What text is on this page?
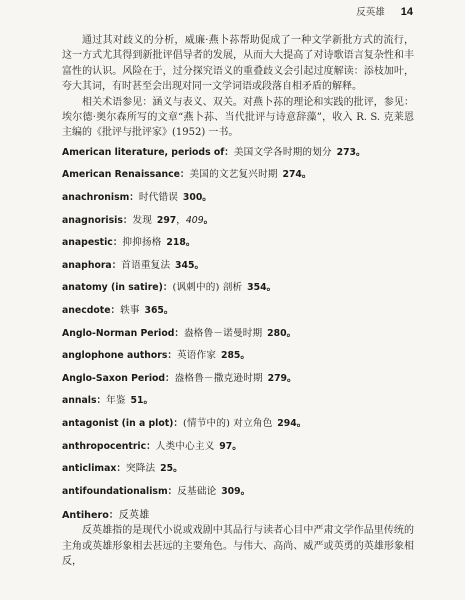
反英雄 14

通过其对歧义的分析，威廉·燕卜荪帮助促成了一种文学新批方式的流行，这一方式尤其得到新批评倡导者的发展，从而大大提高了对诗歌语言复杂性和丰富性的认识。风险在于，过分探究语义的重叠歧义会引起过度解读：添枝加叶，夸大其词，有时甚至会出现对同一文学词语或段落自相矛盾的解释。

相关术语参见：涵义与表义、双关。对燕卜荪的理论和实践的批评，参见：埃尔德·奥尔森所写的文章“燕卜荪、当代批评与诗意辞藻”，收入 R. S. 克莱恩主编的《批评与批评家》(1952) 一书。

American literature, periods of：美国文学各时期的划分  273。
American Renaissance：美国的文艺复兴时期  274。
anachronism：时代错误  300。
anagnorisis：发现  297，409。
anapestic：抑抑扬格  218。
anaphora：首语重复法  345。
anatomy (in satire)：(讽刺中的) 剖析  354。
anecdote：轶事  365。
Anglo-Norman Period：盎格鲁－诺曼时期  280。
anglophone authors：英语作家  285。
Anglo-Saxon Period：盎格鲁－撒克逊时期  279。
annals：年鉴  51。
antagonist (in a plot)：(情节中的) 对立角色  294。
anthropocentric：人类中心主义  97。
anticlimax：突降法  25。
antifoundationalism：反基础论  309。
Antihero：反英雄

反英雄指的是现代小说或戏剧中其品行与读者心目中严肃文学作品里传统的主角或英雄形象相去甚远的主要角色。与伟大、高尚、威严或英勇的英雄形象相反，
